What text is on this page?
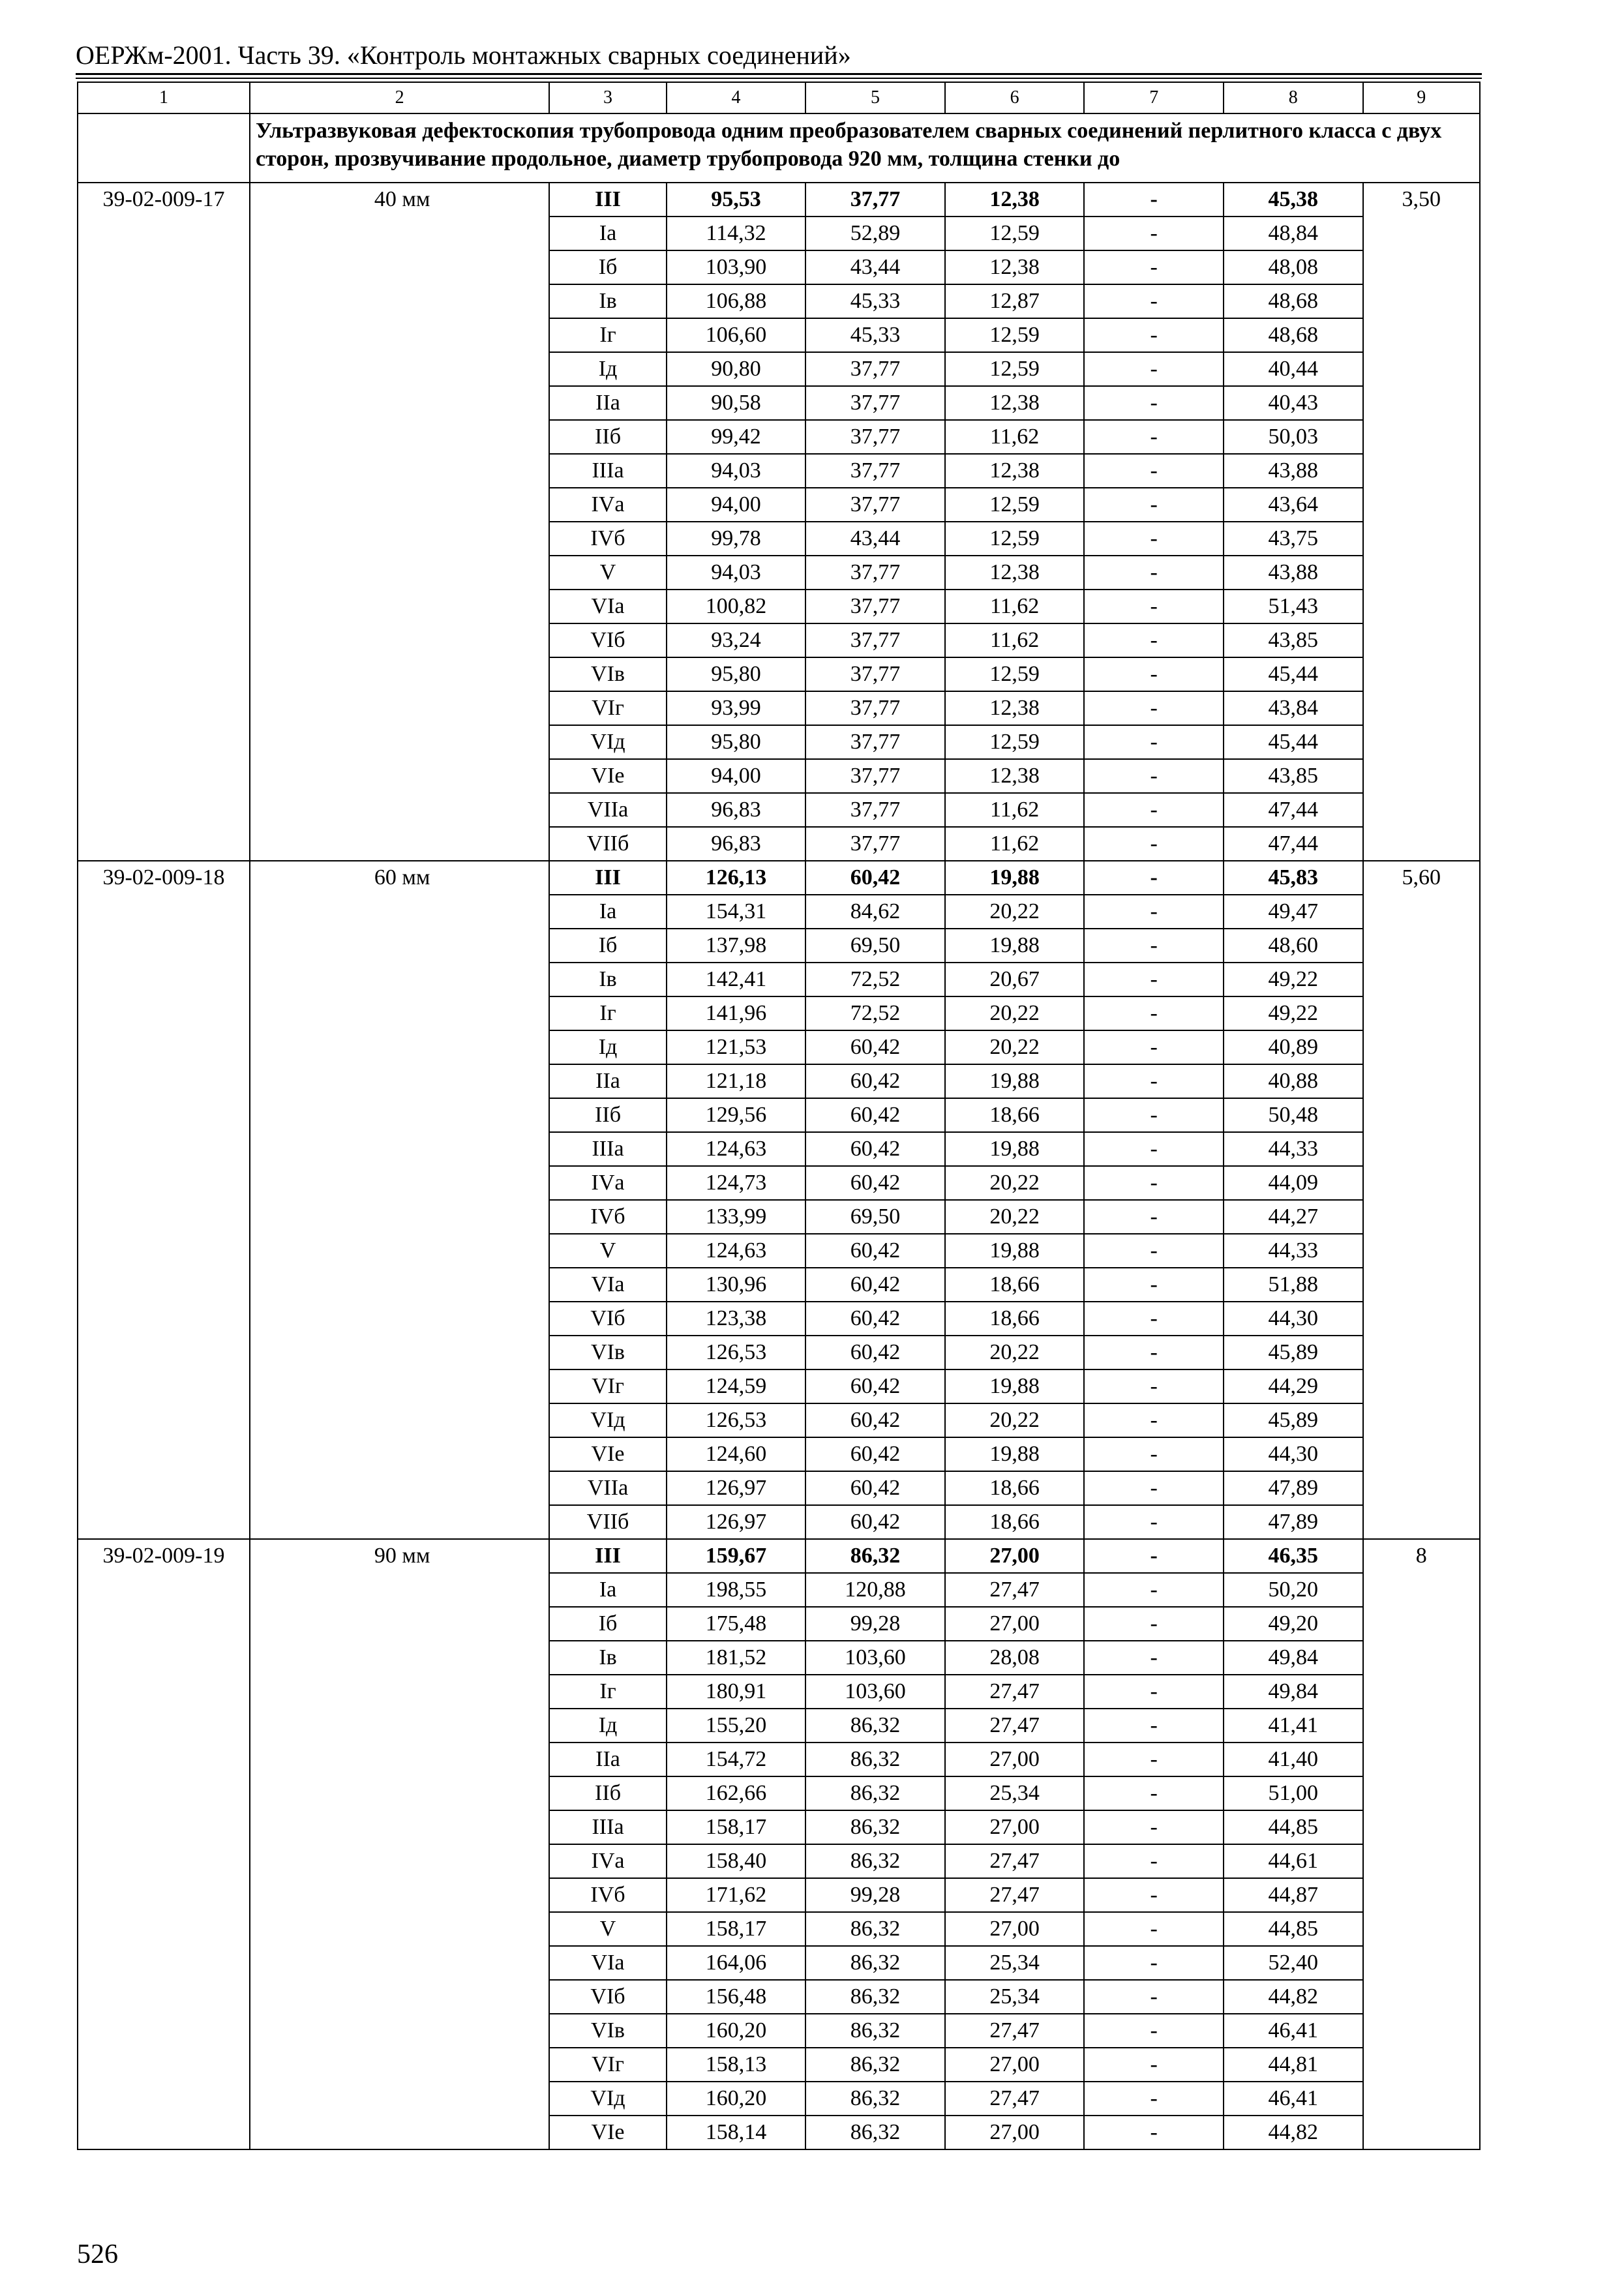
ОЕРЖм-2001. Часть 39. «Контроль монтажных сварных соединений»
1	2	3	4	5	6	7	8	9
	Ультразвуковая дефектоскопия трубопровода одним преобразователем сварных соединений перлитного класса с двух сторон, прозвучивание продольное, диаметр трубопровода 920 мм, толщина стенки до							
39-02-009-17	40 мм	III	95,53	37,77	12,38	-	45,38	3,50
		Iа	114,32	52,89	12,59	-	48,84	
		Iб	103,90	43,44	12,38	-	48,08	
		Iв	106,88	45,33	12,87	-	48,68	
		Iг	106,60	45,33	12,59	-	48,68	
		Iд	90,80	37,77	12,59	-	40,44	
		IIа	90,58	37,77	12,38	-	40,43	
		IIб	99,42	37,77	11,62	-	50,03	
		IIIа	94,03	37,77	12,38	-	43,88	
		IVа	94,00	37,77	12,59	-	43,64	
		IVб	99,78	43,44	12,59	-	43,75	
		V	94,03	37,77	12,38	-	43,88	
		VIа	100,82	37,77	11,62	-	51,43	
		VIб	93,24	37,77	11,62	-	43,85	
		VIв	95,80	37,77	12,59	-	45,44	
		VIг	93,99	37,77	12,38	-	43,84	
		VIд	95,80	37,77	12,59	-	45,44	
		VIе	94,00	37,77	12,38	-	43,85	
		VIIа	96,83	37,77	11,62	-	47,44	
		VIIб	96,83	37,77	11,62	-	47,44	
39-02-009-18	60 мм	III	126,13	60,42	19,88	-	45,83	5,60
		Iа	154,31	84,62	20,22	-	49,47	
		Iб	137,98	69,50	19,88	-	48,60	
		Iв	142,41	72,52	20,67	-	49,22	
		Iг	141,96	72,52	20,22	-	49,22	
		Iд	121,53	60,42	20,22	-	40,89	
		IIа	121,18	60,42	19,88	-	40,88	
		IIб	129,56	60,42	18,66	-	50,48	
		IIIа	124,63	60,42	19,88	-	44,33	
		IVа	124,73	60,42	20,22	-	44,09	
		IVб	133,99	69,50	20,22	-	44,27	
		V	124,63	60,42	19,88	-	44,33	
		VIа	130,96	60,42	18,66	-	51,88	
		VIб	123,38	60,42	18,66	-	44,30	
		VIв	126,53	60,42	20,22	-	45,89	
		VIг	124,59	60,42	19,88	-	44,29	
		VIд	126,53	60,42	20,22	-	45,89	
		VIе	124,60	60,42	19,88	-	44,30	
		VIIа	126,97	60,42	18,66	-	47,89	
		VIIб	126,97	60,42	18,66	-	47,89	
39-02-009-19	90 мм	III	159,67	86,32	27,00	-	46,35	8
		Iа	198,55	120,88	27,47	-	50,20	
		Iб	175,48	99,28	27,00	-	49,20	
		Iв	181,52	103,60	28,08	-	49,84	
		Iг	180,91	103,60	27,47	-	49,84	
		Iд	155,20	86,32	27,47	-	41,41	
		IIа	154,72	86,32	27,00	-	41,40	
		IIб	162,66	86,32	25,34	-	51,00	
		IIIа	158,17	86,32	27,00	-	44,85	
		IVа	158,40	86,32	27,47	-	44,61	
		IVб	171,62	99,28	27,47	-	44,87	
		V	158,17	86,32	27,00	-	44,85	
		VIа	164,06	86,32	25,34	-	52,40	
		VIб	156,48	86,32	25,34	-	44,82	
		VIв	160,20	86,32	27,47	-	46,41	
		VIг	158,13	86,32	27,00	-	44,81	
		VIд	160,20	86,32	27,47	-	46,41	
		VIе	158,14	86,32	27,00	-	44,82	
526
